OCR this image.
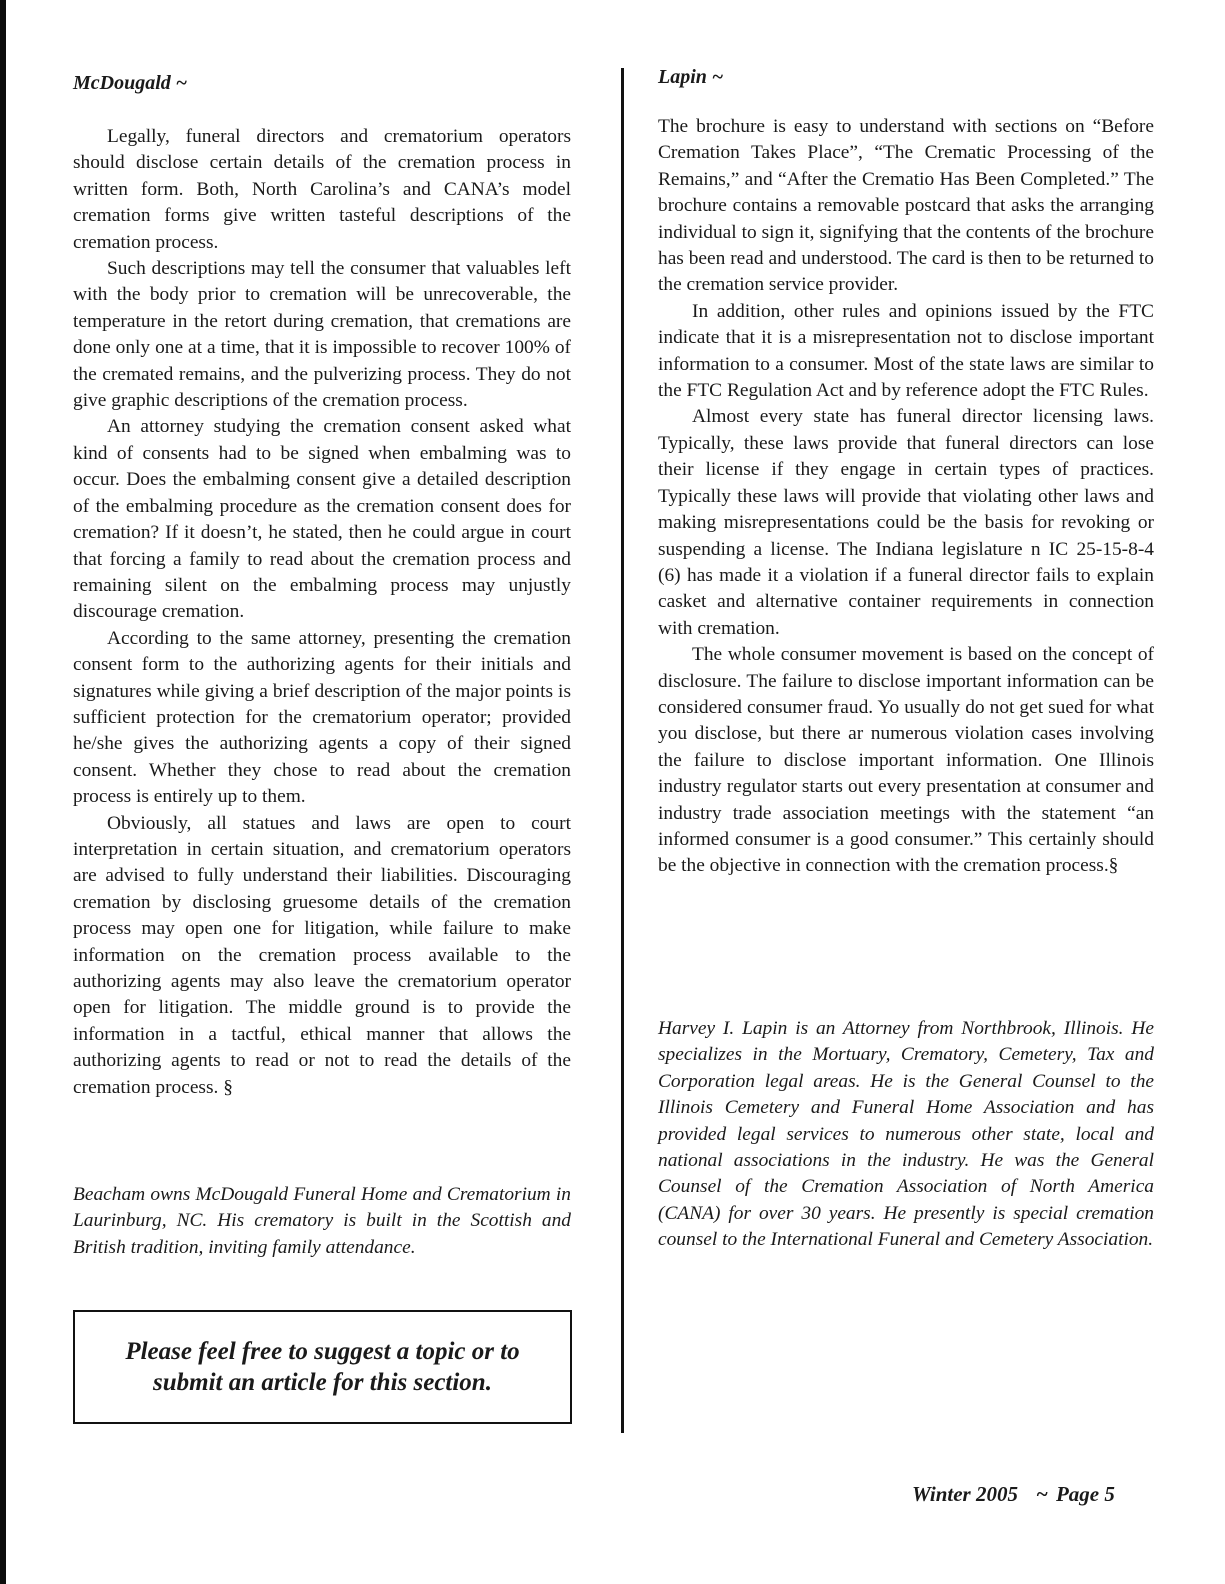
McDougald ~

Legally, funeral directors and crematorium operators should disclose certain details of the cremation process in written form. Both, North Carolina’s and CANA’s model cremation forms give written tasteful descriptions of the cremation process.

Such descriptions may tell the consumer that valuables left with the body prior to cremation will be unrecoverable, the temperature in the retort during cremation, that cremations are done only one at a time, that it is impossible to recover 100% of the cremated remains, and the pulverizing process. They do not give graphic descriptions of the cremation process.

An attorney studying the cremation consent asked what kind of consents had to be signed when embalming was to occur. Does the embalming consent give a detailed description of the embalming procedure as the cremation consent does for cremation? If it doesn’t, he stated, then he could argue in court that forcing a family to read about the cremation process and remaining silent on the embalming process may unjustly discourage cremation.

According to the same attorney, presenting the cremation consent form to the authorizing agents for their initials and signatures while giving a brief description of the major points is sufficient protection for the crematorium operator; provided he/she gives the authorizing agents a copy of their signed consent. Whether they chose to read about the cremation process is entirely up to them.

Obviously, all statues and laws are open to court interpretation in certain situation, and crematorium operators are advised to fully understand their liabilities. Discouraging cremation by disclosing gruesome details of the cremation process may open one for litigation, while failure to make information on the cremation process available to the authorizing agents may also leave the crematorium operator open for litigation. The middle ground is to provide the information in a tactful, ethical manner that allows the authorizing agents to read or not to read the details of the cremation process. §

Beacham owns McDougald Funeral Home and Crematorium in Laurinburg, NC. His crematory is built in the Scottish and British tradition, inviting family attendance.

Please feel free to suggest a topic or to submit an article for this section.

Lapin ~

The brochure is easy to understand with sections on “Before Cremation Takes Place”, “The Crematic Processing of the Remains,” and “After the Crematio Has Been Completed.” The brochure contains a removable postcard that asks the arranging individual to sign it, signifying that the contents of the brochure has been read and understood. The card is then to be returned to the cremation service provider.

In addition, other rules and opinions issued by the FTC indicate that it is a misrepresentation not to disclose important information to a consumer. Most of the state laws are similar to the FTC Regulation Act and by reference adopt the FTC Rules.

Almost every state has funeral director licensing laws. Typically, these laws provide that funeral directors can lose their license if they engage in certain types of practices. Typically these laws will provide that violating other laws and making misrepresentations could be the basis for revoking or suspending a license. The Indiana legislature n IC 25-15-8-4 (6) has made it a violation if a funeral director fails to explain casket and alternative container requirements in connection with cremation.

The whole consumer movement is based on the concept of disclosure. The failure to disclose important information can be considered consumer fraud. Yo usually do not get sued for what you disclose, but there ar numerous violation cases involving the failure to disclose important information. One Illinois industry regulator starts out every presentation at consumer and industry trade association meetings with the statement “an informed consumer is a good consumer.” This certainly should be the objective in connection with the cremation process.§

Harvey I. Lapin is an Attorney from Northbrook, Illinois. He specializes in the Mortuary, Crematory, Cemetery, Tax and Corporation legal areas. He is the General Counsel to the Illinois Cemetery and Funeral Home Association and has provided legal services to numerous other state, local and national associations in the industry. He was the General Counsel of the Cremation Association of North America (CANA) for over 30 years. He presently is special cremation counsel to the International Funeral and Cemetery Association.

Winter 2005 ~ Page 5
